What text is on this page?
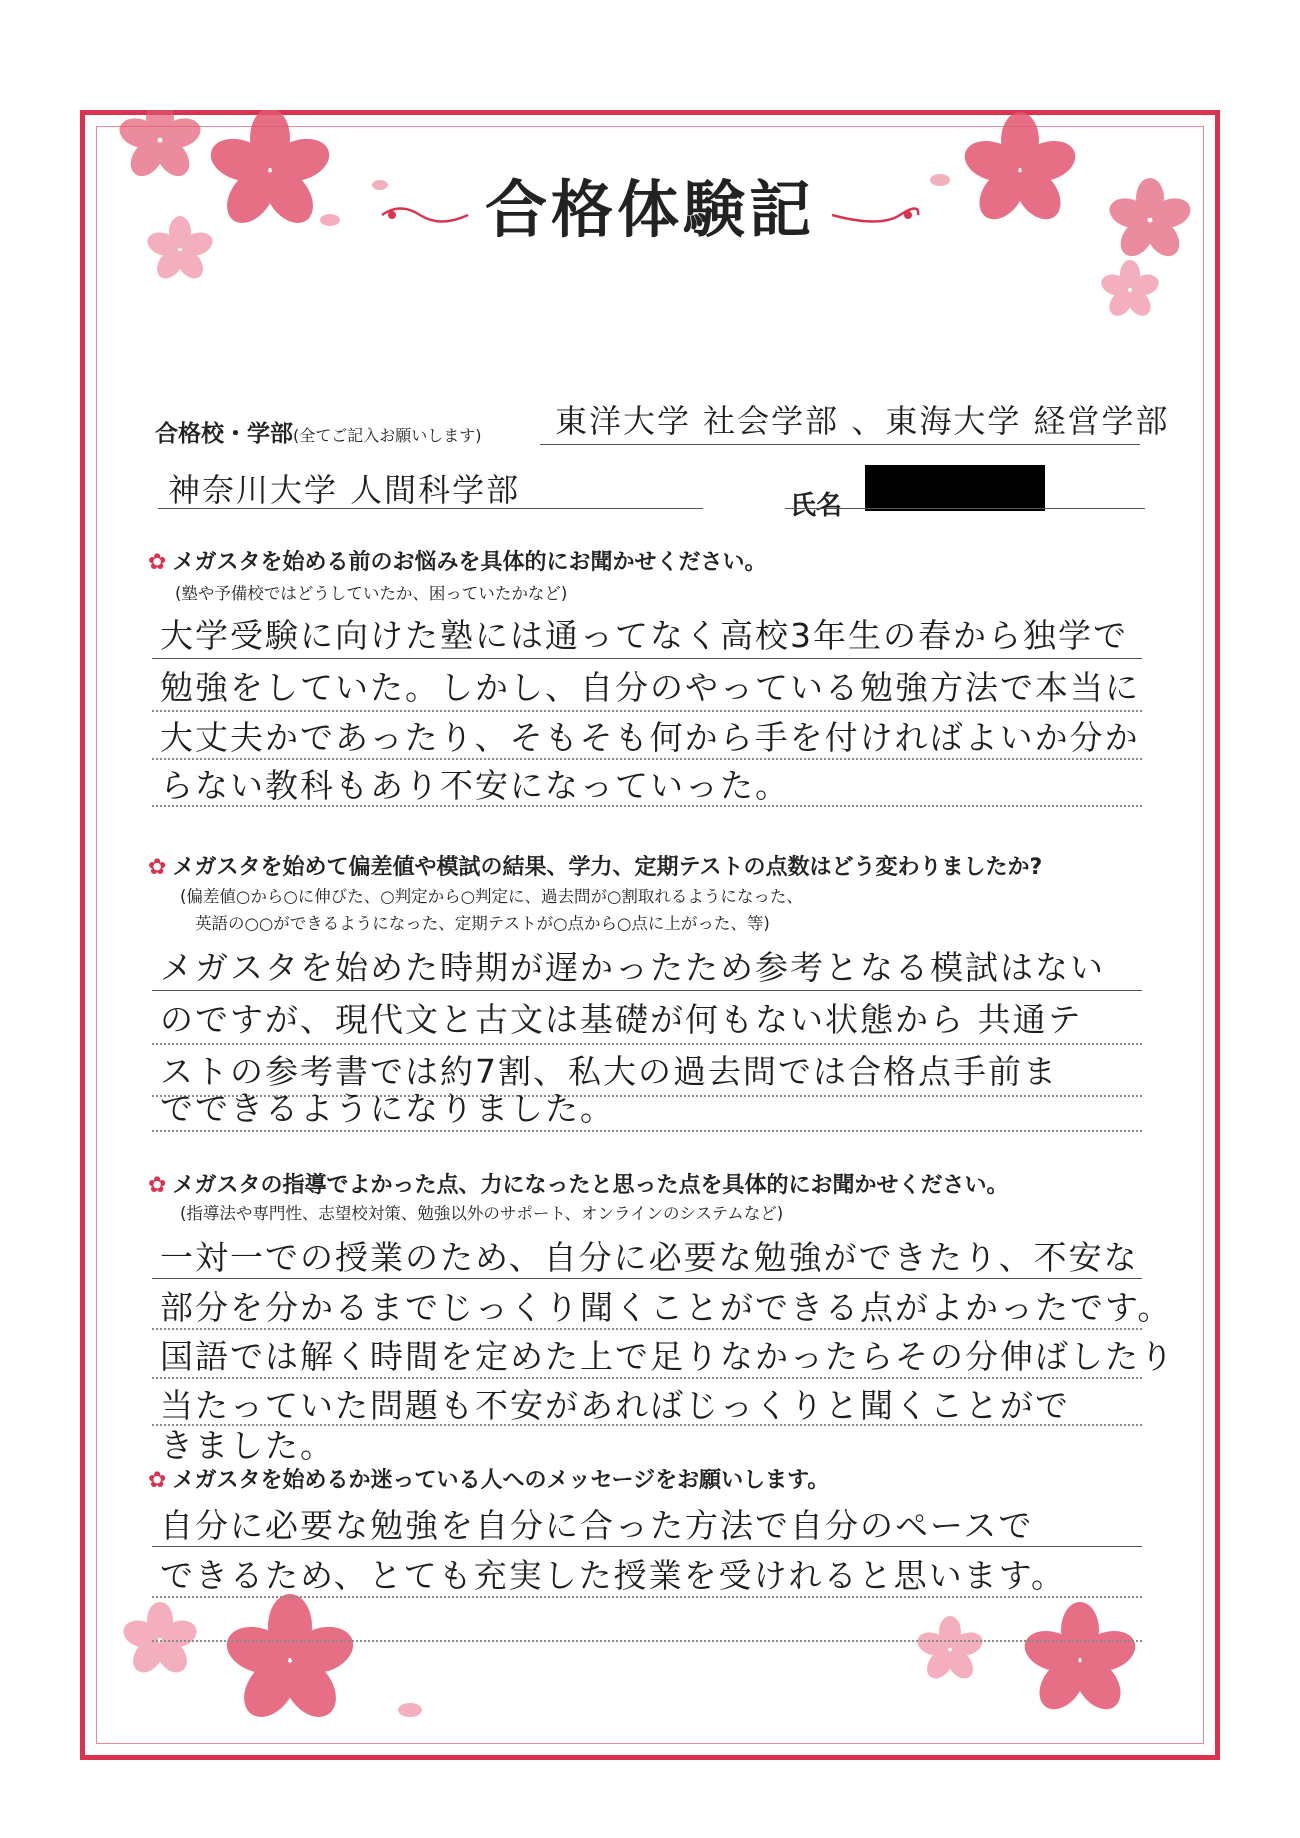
合格体験記
合格校・学部(全てご記入お願いします) 東洋大学 社会学部 、東海大学 経営学部
神奈川大学 人間科学部	氏名
✿ メガスタを始める前のお悩みを具体的にお聞かせください。
(塾や予備校ではどうしていたか、困っていたかなど)
大学受験に向けた塾には通ってなく高校3年生の春から独学で
勉強をしていた。しかし、自分のやっている勉強方法で本当に
大丈夫かであったり、そもそも何から手を付ければよいか分か
らない教科もあり不安になっていった。
✿ メガスタを始めて偏差値や模試の結果、学力、定期テストの点数はどう変わりましたか?
(偏差値○から○に伸びた、○判定から○判定に、過去問が○割取れるようになった、
英語の○○ができるようになった、定期テストが○点から○点に上がった、等)
メガスタを始めた時期が遅かったため参考となる模試はない
のですが、現代文と古文は基礎が何もない状態から 共通テ
ストの参考書では約7割、私大の過去問では合格点手前ま
でできるようになりました。
✿ メガスタの指導でよかった点、力になったと思った点を具体的にお聞かせください。
(指導法や専門性、志望校対策、勉強以外のサポート、オンラインのシステムなど)
一対一での授業のため、自分に必要な勉強ができたり、不安な
部分を分かるまでじっくり聞くことができる点がよかったです。
国語では解く時間を定めた上で足りなかったらその分伸ばしたり
当たっていた問題も不安があればじっくりと聞くことがで
きました。
✿ メガスタを始めるか迷っている人へのメッセージをお願いします。
自分に必要な勉強を自分に合った方法で自分のペースで
できるため、とても充実した授業を受けれると思います。
